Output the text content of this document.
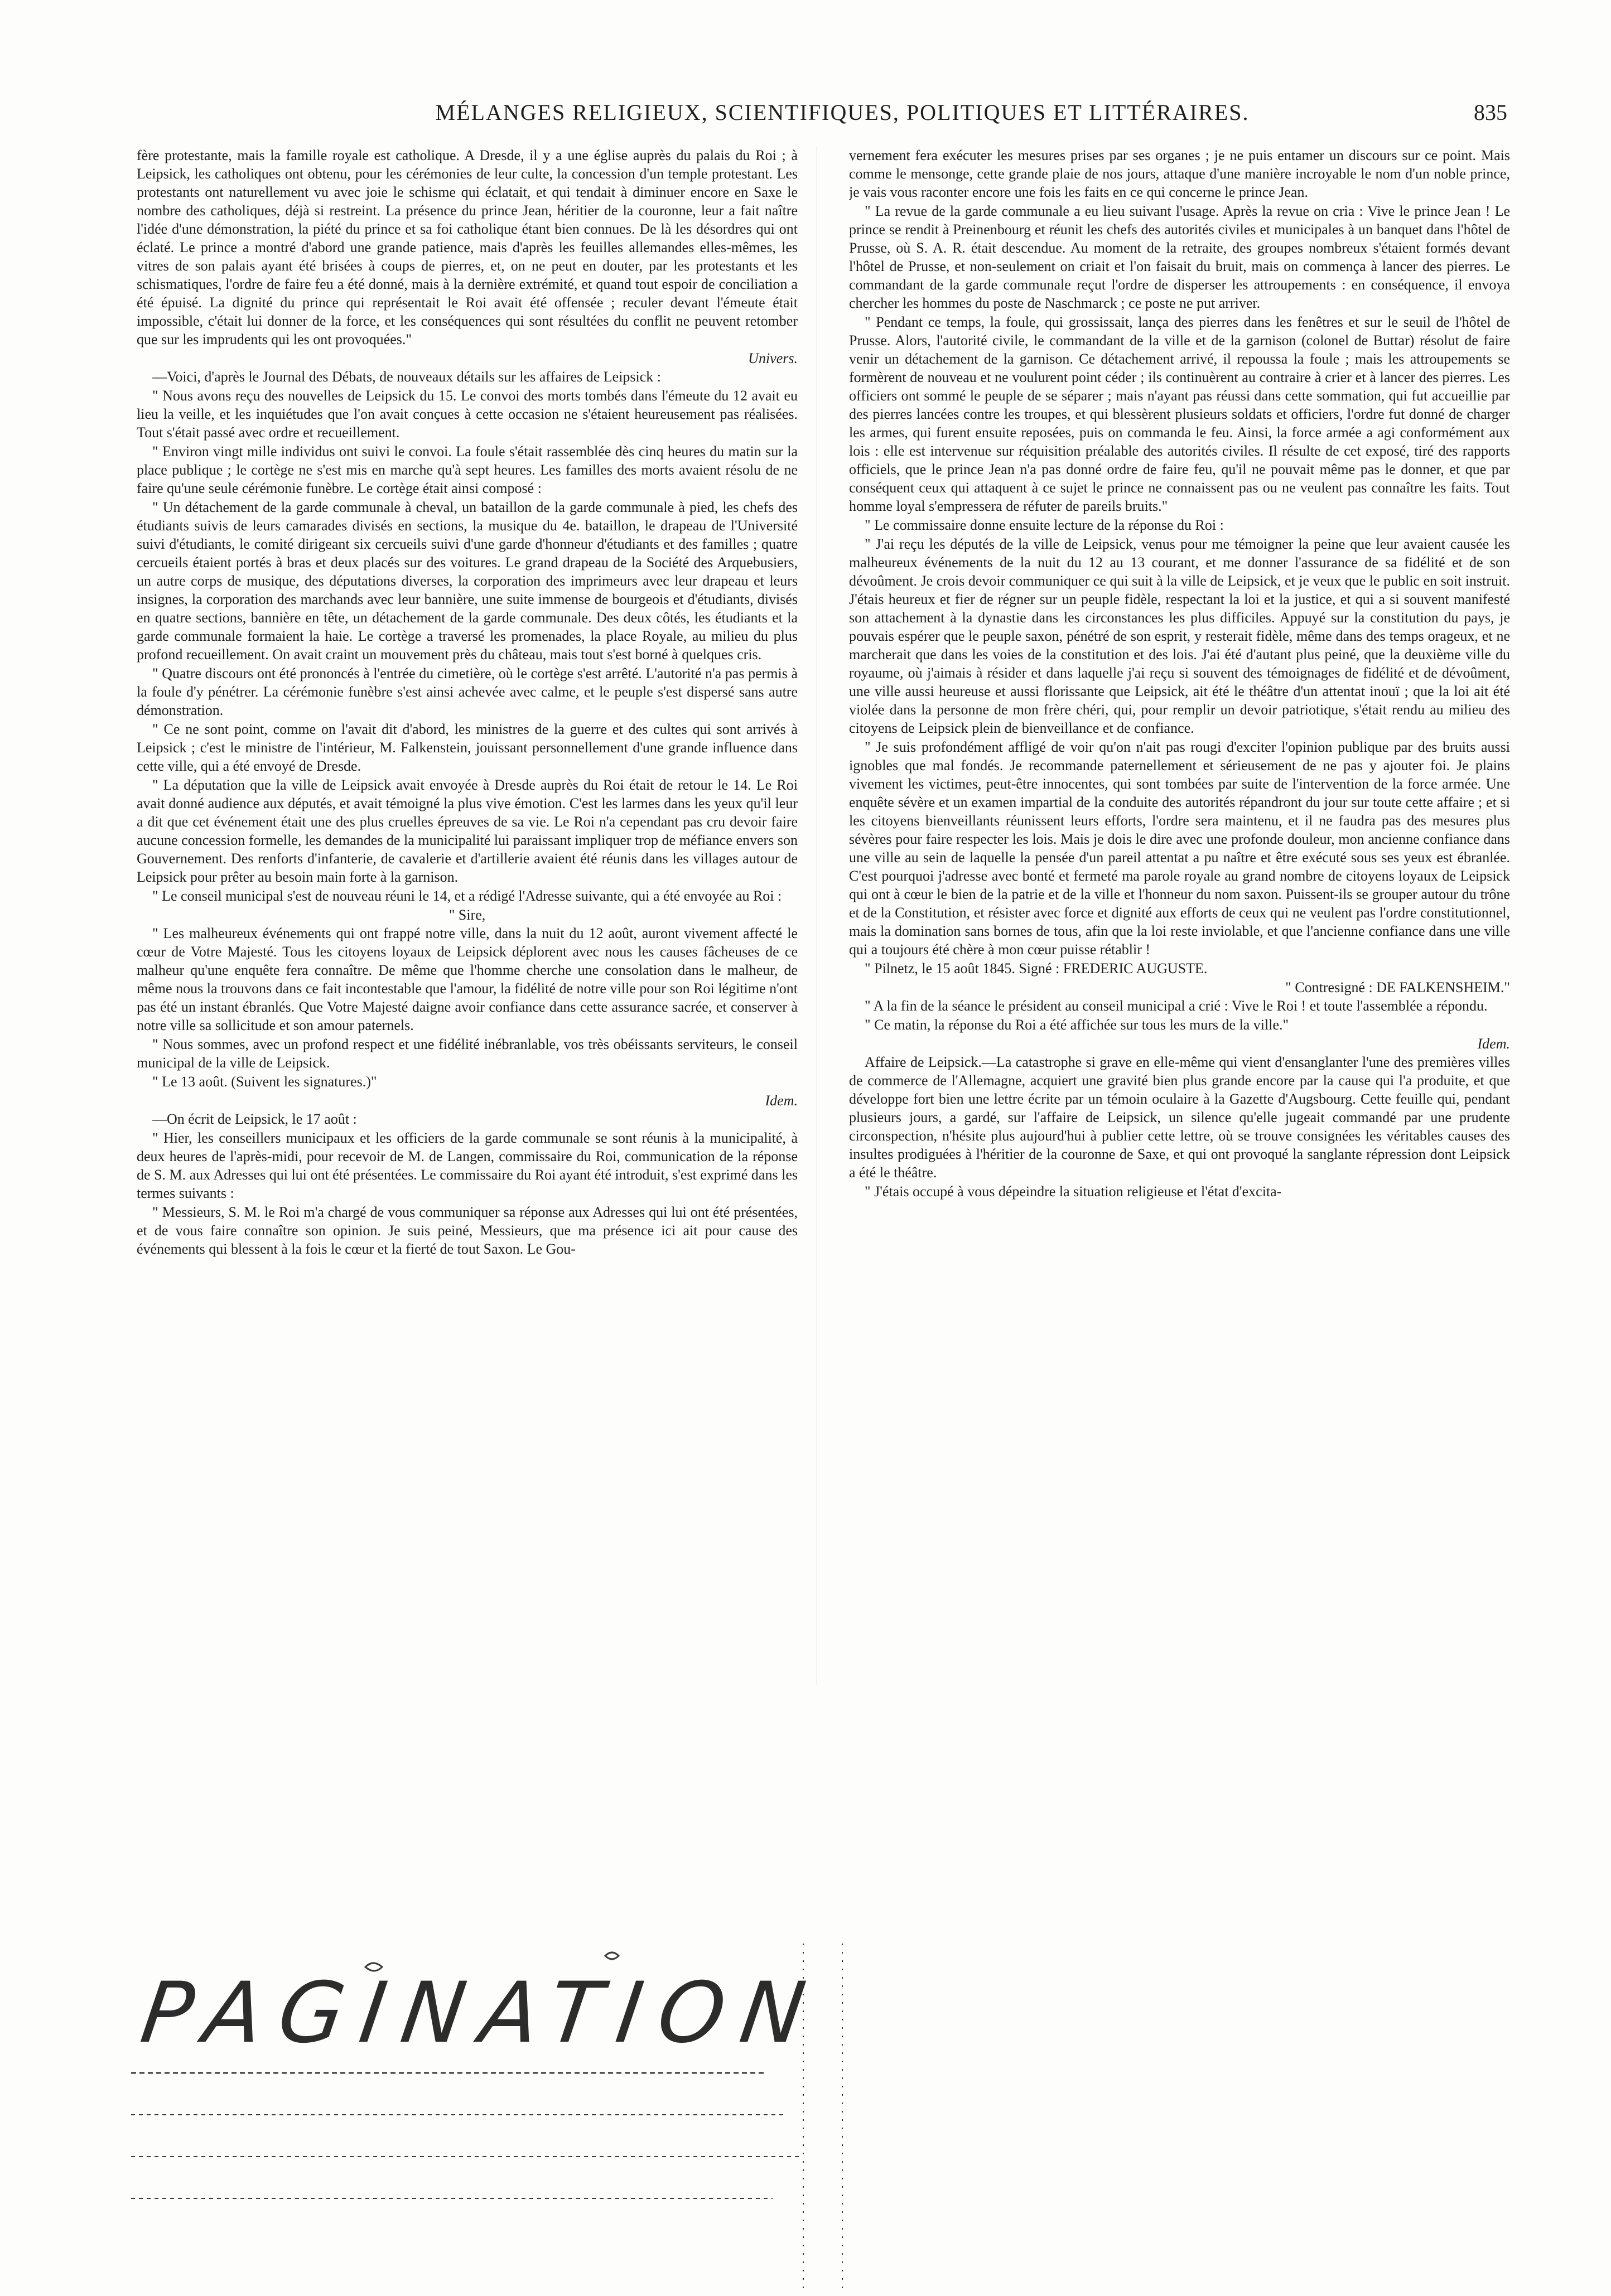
MÉLANGES RELIGIEUX, SCIENTIFIQUES, POLITIQUES ET LITTÉRAIRES.	835

fère protestante, mais la famille royale est catholique. A Dresde, il y a une église auprès du palais du Roi ; à Leipsick, les catholiques ont obtenu, pour les cérémonies de leur culte, la concession d'un temple protestant. Les protestants ont naturellement vu avec joie le schisme qui éclatait, et qui tendait à diminuer encore en Saxe le nombre des catholiques, déjà si restreint. La présence du prince Jean, héritier de la couronne, leur a fait naître l'idée d'une démonstration, la piété du prince et sa foi catholique étant bien connues. De là les désordres qui ont éclaté. Le prince a montré d'abord une grande patience, mais d'après les feuilles allemandes elles-mêmes, les vitres de son palais ayant été brisées à coups de pierres, et, on ne peut en douter, par les protestants et les schismatiques, l'ordre de faire feu a été donné, mais à la dernière extrémité, et quand tout espoir de conciliation a été épuisé. La dignité du prince qui représentait le Roi avait été offensée ; reculer devant l'émeute était impossible, c'était lui donner de la force, et les conséquences qui sont résultées du conflit ne peuvent retomber que sur les imprudents qui les ont provoquées."

Univers.

—Voici, d'après le Journal des Débats, de nouveaux détails sur les affaires de Leipsick :

" Nous avons reçu des nouvelles de Leipsick du 15. Le convoi des morts tombés dans l'émeute du 12 avait eu lieu la veille, et les inquiétudes que l'on avait conçues à cette occasion ne s'étaient heureusement pas réalisées. Tout s'était passé avec ordre et recueillement.

" Environ vingt mille individus ont suivi le convoi. La foule s'était rassemblée dès cinq heures du matin sur la place publique ; le cortège ne s'est mis en marche qu'à sept heures. Les familles des morts avaient résolu de ne faire qu'une seule cérémonie funèbre. Le cortège était ainsi composé :

" Un détachement de la garde communale à cheval, un bataillon de la garde communale à pied, les chefs des étudiants suivis de leurs camarades divisés en sections, la musique du 4e. bataillon, le drapeau de l'Université suivi d'étudiants, le comité dirigeant six cercueils suivi d'une garde d'honneur d'étudiants et des familles ; quatre cercueils étaient portés à bras et deux placés sur des voitures. Le grand drapeau de la Société des Arquebusiers, un autre corps de musique, des députations diverses, la corporation des imprimeurs avec leur drapeau et leurs insignes, la corporation des marchands avec leur bannière, une suite immense de bourgeois et d'étudiants, divisés en quatre sections, bannière en tête, un détachement de la garde communale. Des deux côtés, les étudiants et la garde communale formaient la haie. Le cortège a traversé les promenades, la place Royale, au milieu du plus profond recueillement. On avait craint un mouvement près du château, mais tout s'est borné à quelques cris.

" Quatre discours ont été prononcés à l'entrée du cimetière, où le cortège s'est arrêté. L'autorité n'a pas permis à la foule d'y pénétrer. La cérémonie funèbre s'est ainsi achevée avec calme, et le peuple s'est dispersé sans autre démonstration.

" Ce ne sont point, comme on l'avait dit d'abord, les ministres de la guerre et des cultes qui sont arrivés à Leipsick ; c'est le ministre de l'intérieur, M. Falkenstein, jouissant personnellement d'une grande influence dans cette ville, qui a été envoyé de Dresde.

" La députation que la ville de Leipsick avait envoyée à Dresde auprès du Roi était de retour le 14. Le Roi avait donné audience aux députés, et avait témoigné la plus vive émotion. C'est les larmes dans les yeux qu'il leur a dit que cet événement était une des plus cruelles épreuves de sa vie. Le Roi n'a cependant pas cru devoir faire aucune concession formelle, les demandes de la municipalité lui paraissant impliquer trop de méfiance envers son Gouvernement. Des renforts d'infanterie, de cavalerie et d'artillerie avaient été réunis dans les villages autour de Leipsick pour prêter au besoin main forte à la garnison.

" Le conseil municipal s'est de nouveau réuni le 14, et a rédigé l'Adresse suivante, qui a été envoyée au Roi :

" Sire,

" Les malheureux événements qui ont frappé notre ville, dans la nuit du 12 août, auront vivement affecté le cœur de Votre Majesté. Tous les citoyens loyaux de Leipsick déplorent avec nous les causes fâcheuses de ce malheur qu'une enquête fera connaître. De même que l'homme cherche une consolation dans le malheur, de même nous la trouvons dans ce fait incontestable que l'amour, la fidélité de notre ville pour son Roi légitime n'ont pas été un instant ébranlés. Que Votre Majesté daigne avoir confiance dans cette assurance sacrée, et conserver à notre ville sa sollicitude et son amour paternels.

" Nous sommes, avec un profond respect et une fidélité inébranlable, vos très obéissants serviteurs, le conseil municipal de la ville de Leipsick.

" Le 13 août. (Suivent les signatures.)"

Idem.

—On écrit de Leipsick, le 17 août :

" Hier, les conseillers municipaux et les officiers de la garde communale se sont réunis à la municipalité, à deux heures de l'après-midi, pour recevoir de M. de Langen, commissaire du Roi, communication de la réponse de S. M. aux Adresses qui lui ont été présentées. Le commissaire du Roi ayant été introduit, s'est exprimé dans les termes suivants :

" Messieurs, S. M. le Roi m'a chargé de vous communiquer sa réponse aux Adresses qui lui ont été présentées, et de vous faire connaître son opinion. Je suis peiné, Messieurs, que ma présence ici ait pour cause des événements qui blessent à la fois le cœur et la fierté de tout Saxon. Le Gou-

vernement fera exécuter les mesures prises par ses organes ; je ne puis entamer un discours sur ce point. Mais comme le mensonge, cette grande plaie de nos jours, attaque d'une manière incroyable le nom d'un noble prince, je vais vous raconter encore une fois les faits en ce qui concerne le prince Jean.

" La revue de la garde communale a eu lieu suivant l'usage. Après la revue on cria : Vive le prince Jean ! Le prince se rendit à Preinenbourg et réunit les chefs des autorités civiles et municipales à un banquet dans l'hôtel de Prusse, où S. A. R. était descendue. Au moment de la retraite, des groupes nombreux s'étaient formés devant l'hôtel de Prusse, et non-seulement on criait et l'on faisait du bruit, mais on commença à lancer des pierres. Le commandant de la garde communale reçut l'ordre de disperser les attroupements : en conséquence, il envoya chercher les hommes du poste de Naschmarck ; ce poste ne put arriver.

" Pendant ce temps, la foule, qui grossissait, lança des pierres dans les fenêtres et sur le seuil de l'hôtel de Prusse. Alors, l'autorité civile, le commandant de la ville et de la garnison (colonel de Buttar) résolut de faire venir un détachement de la garnison. Ce détachement arrivé, il repoussa la foule ; mais les attroupements se formèrent de nouveau et ne voulurent point céder ; ils continuèrent au contraire à crier et à lancer des pierres. Les officiers ont sommé le peuple de se séparer ; mais n'ayant pas réussi dans cette sommation, qui fut accueillie par des pierres lancées contre les troupes, et qui blessèrent plusieurs soldats et officiers, l'ordre fut donné de charger les armes, qui furent ensuite reposées, puis on commanda le feu. Ainsi, la force armée a agi conformément aux lois : elle est intervenue sur réquisition préalable des autorités civiles. Il résulte de cet exposé, tiré des rapports officiels, que le prince Jean n'a pas donné ordre de faire feu, qu'il ne pouvait même pas le donner, et que par conséquent ceux qui attaquent à ce sujet le prince ne connaissent pas ou ne veulent pas connaître les faits. Tout homme loyal s'empressera de réfuter de pareils bruits."

" Le commissaire donne ensuite lecture de la réponse du Roi :

" J'ai reçu les députés de la ville de Leipsick, venus pour me témoigner la peine que leur avaient causée les malheureux événements de la nuit du 12 au 13 courant, et me donner l'assurance de sa fidélité et de son dévoûment. Je crois devoir communiquer ce qui suit à la ville de Leipsick, et je veux que le public en soit instruit. J'étais heureux et fier de régner sur un peuple fidèle, respectant la loi et la justice, et qui a si souvent manifesté son attachement à la dynastie dans les circonstances les plus difficiles. Appuyé sur la constitution du pays, je pouvais espérer que le peuple saxon, pénétré de son esprit, y resterait fidèle, même dans des temps orageux, et ne marcherait que dans les voies de la constitution et des lois. J'ai été d'autant plus peiné, que la deuxième ville du royaume, où j'aimais à résider et dans laquelle j'ai reçu si souvent des témoignages de fidélité et de dévoûment, une ville aussi heureuse et aussi florissante que Leipsick, ait été le théâtre d'un attentat inouï ; que la loi ait été violée dans la personne de mon frère chéri, qui, pour remplir un devoir patriotique, s'était rendu au milieu des citoyens de Leipsick plein de bienveillance et de confiance.

" Je suis profondément affligé de voir qu'on n'ait pas rougi d'exciter l'opinion publique par des bruits aussi ignobles que mal fondés. Je recommande paternellement et sérieusement de ne pas y ajouter foi. Je plains vivement les victimes, peut-être innocentes, qui sont tombées par suite de l'intervention de la force armée. Une enquête sévère et un examen impartial de la conduite des autorités répandront du jour sur toute cette affaire ; et si les citoyens bienveillants réunissent leurs efforts, l'ordre sera maintenu, et il ne faudra pas des mesures plus sévères pour faire respecter les lois. Mais je dois le dire avec une profonde douleur, mon ancienne confiance dans une ville au sein de laquelle la pensée d'un pareil attentat a pu naître et être exécuté sous ses yeux est ébranlée. C'est pourquoi j'adresse avec bonté et fermeté ma parole royale au grand nombre de citoyens loyaux de Leipsick qui ont à cœur le bien de la patrie et de la ville et l'honneur du nom saxon. Puissent-ils se grouper autour du trône et de la Constitution, et résister avec force et dignité aux efforts de ceux qui ne veulent pas l'ordre constitutionnel, mais la domination sans bornes de tous, afin que la loi reste inviolable, et que l'ancienne confiance dans une ville qui a toujours été chère à mon cœur puisse rétablir !

" Pilnetz, le 15 août 1845. Signé : FREDERIC AUGUSTE.

" Contresigné : DE FALKENSHEIM."

" A la fin de la séance le président au conseil municipal a crié : Vive le Roi ! et toute l'assemblée a répondu.

" Ce matin, la réponse du Roi a été affichée sur tous les murs de la ville."

Idem.

Affaire de Leipsick.—La catastrophe si grave en elle-même qui vient d'ensanglanter l'une des premières villes de commerce de l'Allemagne, acquiert une gravité bien plus grande encore par la cause qui l'a produite, et que développe fort bien une lettre écrite par un témoin oculaire à la Gazette d'Augsbourg. Cette feuille qui, pendant plusieurs jours, a gardé, sur l'affaire de Leipsick, un silence qu'elle jugeait commandé par une prudente circonspection, n'hésite plus aujourd'hui à publier cette lettre, où se trouve consignées les véritables causes des insultes prodiguées à l'héritier de la couronne de Saxe, et qui ont provoqué la sanglante répression dont Leipsick a été le théâtre.

" J'étais occupé à vous dépeindre la situation religieuse et l'état d'excita-

PAGINATION
